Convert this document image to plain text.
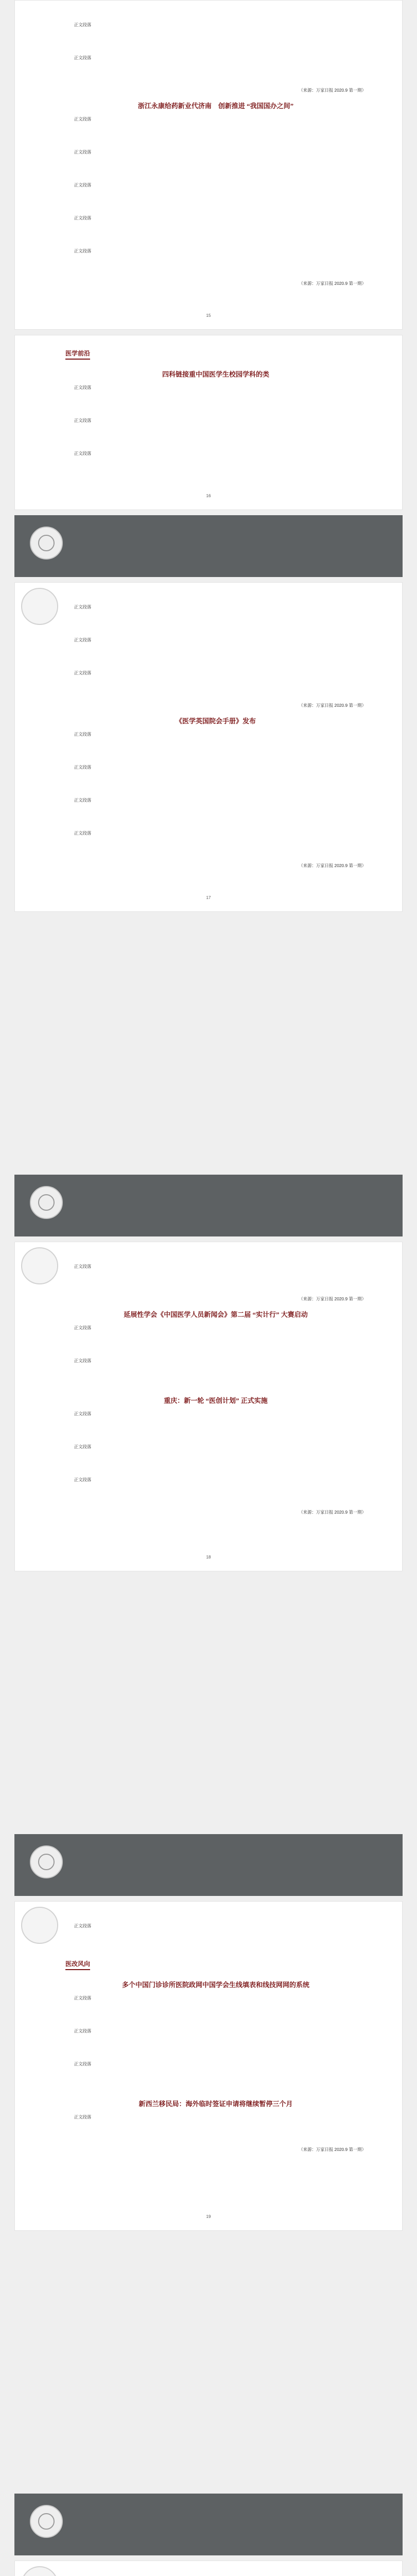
正文段落

正文段落

（来源：万家日报 2020.9 第一期）

浙江永康给药新业代济南　创新推进 “我国国办之间”

正文段落

正文段落

正文段落

正文段落

正文段落

（来源：万家日报 2020.9 第一期）

15
医学前沿
四科链接重中国医学生校园学科的类

正文段落

正文段落

正文段落

16

正文段落

正文段落

正文段落

（来源：万家日报 2020.9 第一期）

《医学英国院会手册》发布

正文段落

正文段落

正文段落

正文段落

（来源：万家日报 2020.9 第一期）

17

正文段落

（来源：万家日报 2020.9 第一期）

延展性学会《中国医学人员新闻会》第二届 “实计行” 大赛启动

正文段落

正文段落

重庆：新一轮 “医创计划” 正式实施

正文段落

正文段落

正文段落

（来源：万家日报 2020.9 第一期）

18

正文段落

医改风向
多个中国门诊诊所医院政网中国学会生线填表和线技网网的系统

正文段落

正文段落

正文段落

新西兰移民局：海外临时签证申请将继续暂停三个月

正文段落

（来源：万家日报 2020.9 第一期）

19
